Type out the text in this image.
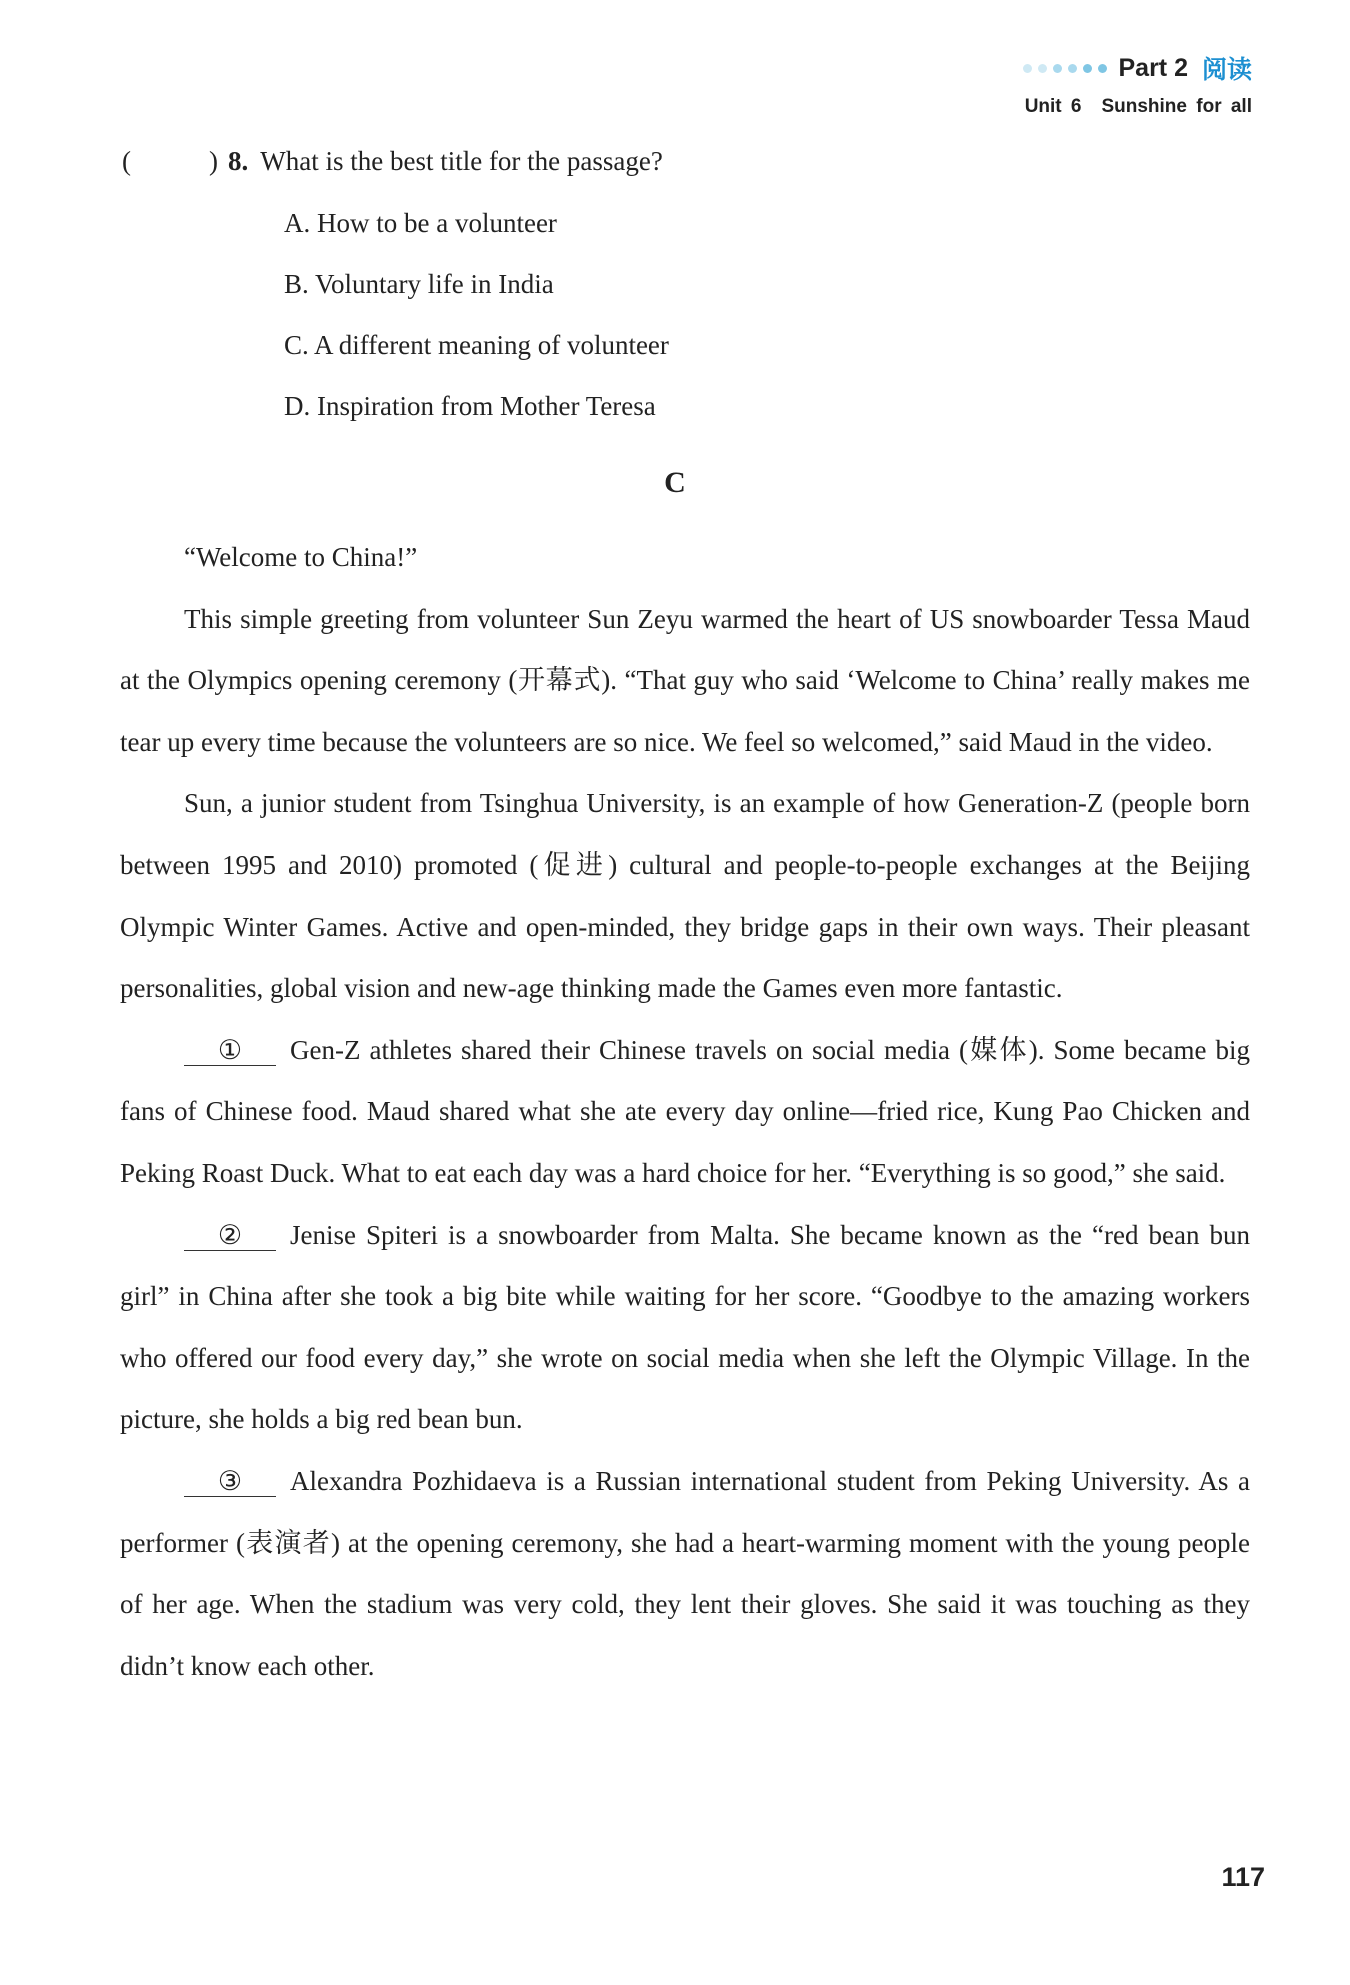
Part 2 阅读
Unit 6 Sunshine for all
(	) 8. What is the best title for the passage?
A. How to be a volunteer
B. Voluntary life in India
C. A different meaning of volunteer
D. Inspiration from Mother Teresa
C

“Welcome to China!”

This simple greeting from volunteer Sun Zeyu warmed the heart of US snowboarder Tessa Maud at the Olympics opening ceremony (开幕式). “That guy who said ‘Welcome to China’ really makes me tear up every time because the volunteers are so nice. We feel so welcomed,” said Maud in the video.

Sun, a junior student from Tsinghua University, is an example of how Generation-Z (people born between 1995 and 2010) promoted (促进) cultural and people-to-people exchanges at the Beijing Olympic Winter Games. Active and open-minded, they bridge gaps in their own ways. Their pleasant personalities, global vision and new-age thinking made the Games even more fantastic.

① Gen-Z athletes shared their Chinese travels on social media (媒体). Some became big fans of Chinese food. Maud shared what she ate every day online—fried rice, Kung Pao Chicken and Peking Roast Duck. What to eat each day was a hard choice for her. “Everything is so good,” she said.

② Jenise Spiteri is a snowboarder from Malta. She became known as the “red bean bun girl” in China after she took a big bite while waiting for her score. “Goodbye to the amazing workers who offered our food every day,” she wrote on social media when she left the Olympic Village. In the picture, she holds a big red bean bun.

③ Alexandra Pozhidaeva is a Russian international student from Peking University. As a performer (表演者) at the opening ceremony, she had a heart-warming moment with the young people of her age. When the stadium was very cold, they lent their gloves. She said it was touching as they didn’t know each other.

117
